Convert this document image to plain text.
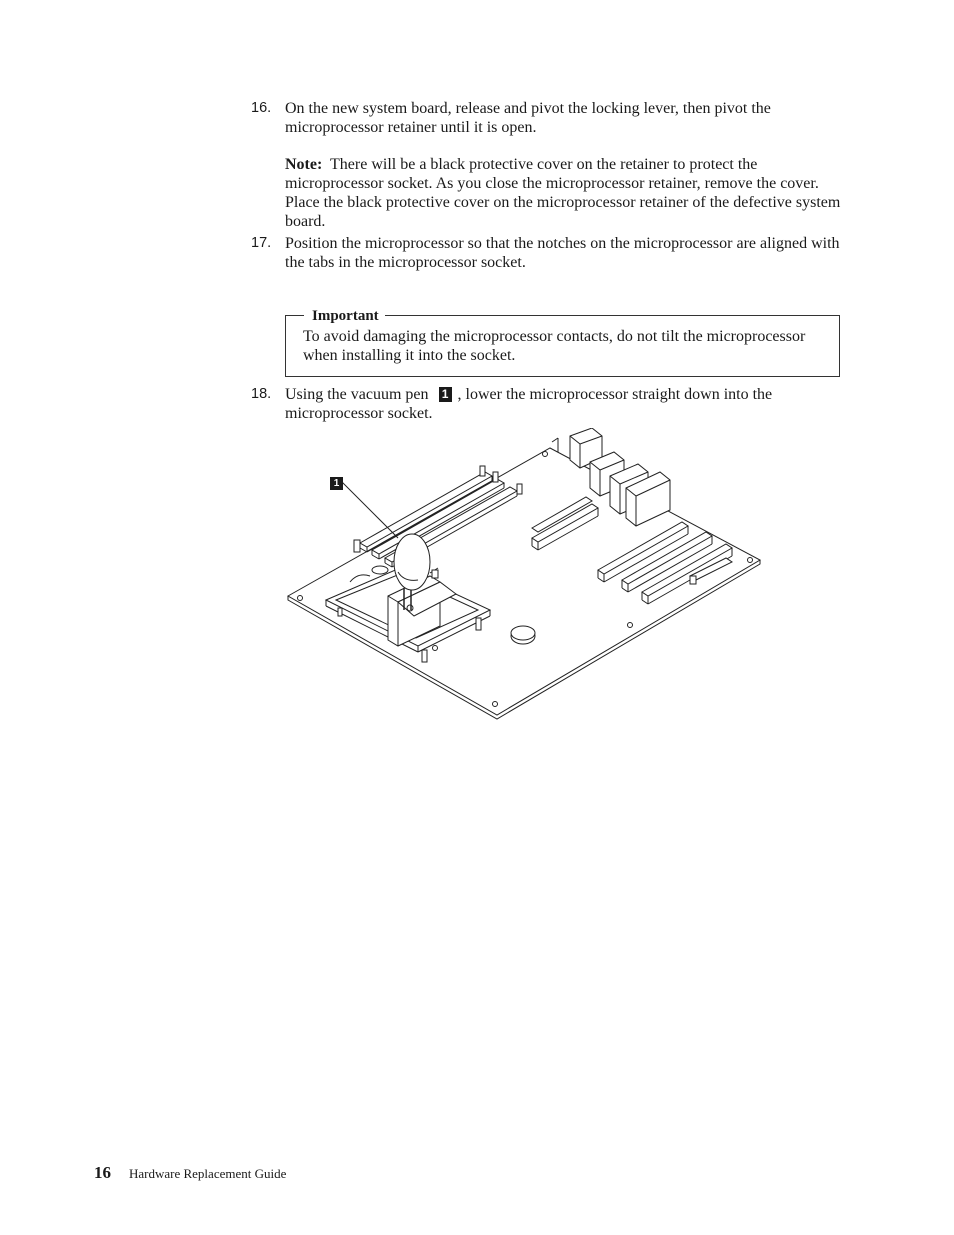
16. On the new system board, release and pivot the locking lever, then pivot the microprocessor retainer until it is open.

Note: There will be a black protective cover on the retainer to protect the microprocessor socket. As you close the microprocessor retainer, remove the cover. Place the black protective cover on the microprocessor retainer of the defective system board.

17. Position the microprocessor so that the notches on the microprocessor are aligned with the tabs in the microprocessor socket.

Important
To avoid damaging the microprocessor contacts, do not tilt the microprocessor when installing it into the socket.
18. Using the vacuum pen 1 , lower the microprocessor straight down into the microprocessor socket.

1
16 Hardware Replacement Guide
